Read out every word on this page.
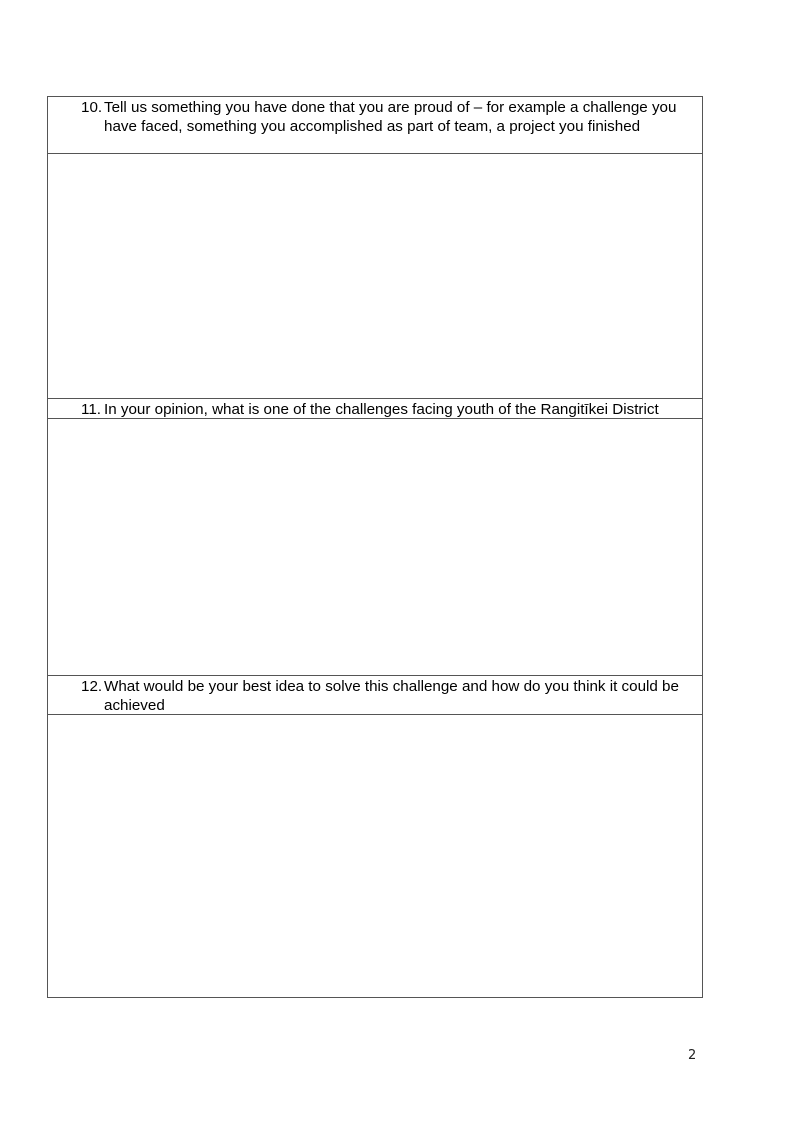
10. Tell us something you have done that you are proud of – for example a challenge you have faced, something you accomplished as part of team, a project you finished
11. In your opinion, what is one of the challenges facing youth of the Rangitīkei District
12. What would be your best idea to solve this challenge and how do you think it could be achieved
2
